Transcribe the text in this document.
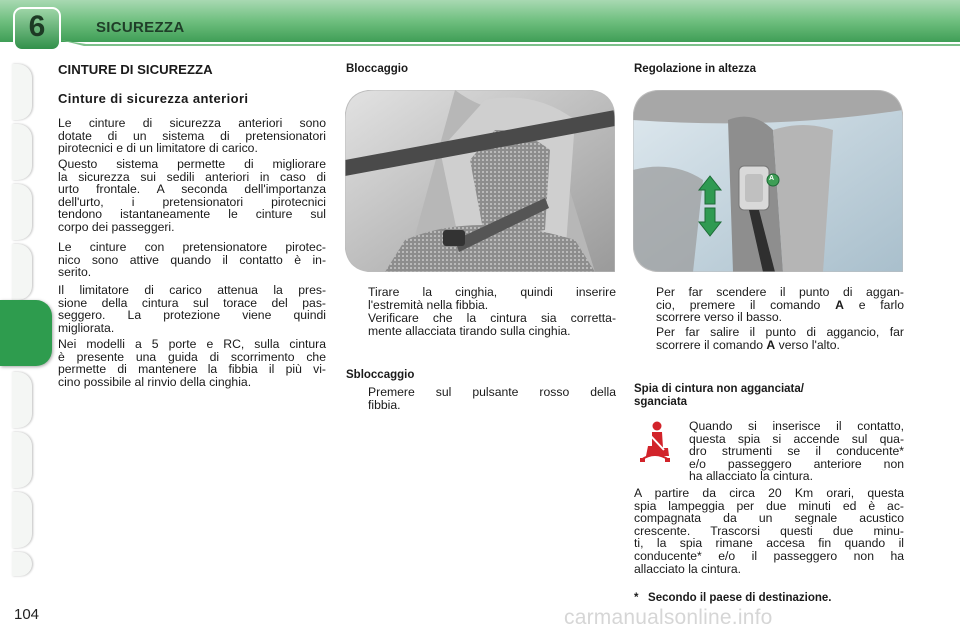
6	SICUREZZA
CINTURE DI SICUREZZA
Cinture di sicurezza anteriori
Le cinture di sicurezza anteriori sono
dotate di un sistema di pretensionatori
pirotecnici e di un limitatore di carico.
Questo sistema permette di migliorare
la sicurezza sui sedili anteriori in caso di
urto frontale. A seconda dell'importanza
dell'urto, i pretensionatori pirotecnici
tendono istantaneamente le cinture sul
corpo dei passeggeri.
Le cinture con pretensionatore pirotec-
nico sono attive quando il contatto è in-
serito.
Il limitatore di carico attenua la pres-
sione della cintura sul torace del pas-
seggero. La protezione viene quindi
migliorata.
Nei modelli a 5 porte e RC, sulla cintura
è presente una guida di scorrimento che
permette di mantenere la fibbia il più vi-
cino possibile al rinvio della cinghia.
Bloccaggio
Tirare la cinghia, quindi inserire
l'estremità nella fibbia.
Verificare che la cintura sia corretta-
mente allacciata tirando sulla cinghia.
Sbloccaggio
Premere sul pulsante rosso della
fibbia.
Regolazione in altezza
A
Per far scendere il punto di aggan-
cio, premere il comando A e farlo
scorrere verso il basso.
Per far salire il punto di aggancio, far
scorrere il comando A verso l'alto.
Spia di cintura non agganciata/
sganciata
Quando si inserisce il contatto,
questa spia si accende sul qua-
dro strumenti se il conducente*
e/o passeggero anteriore non
ha allacciato la cintura.
A partire da circa 20 Km orari, questa
spia lampeggia per due minuti ed è ac-
compagnata da un segnale acustico
crescente. Trascorsi questi due minu-
ti, la spia rimane accesa fin quando il
conducente* e/o il passeggero non ha
allacciato la cintura.
carmanualsonline.info
*   Secondo il paese di destinazione.
104
